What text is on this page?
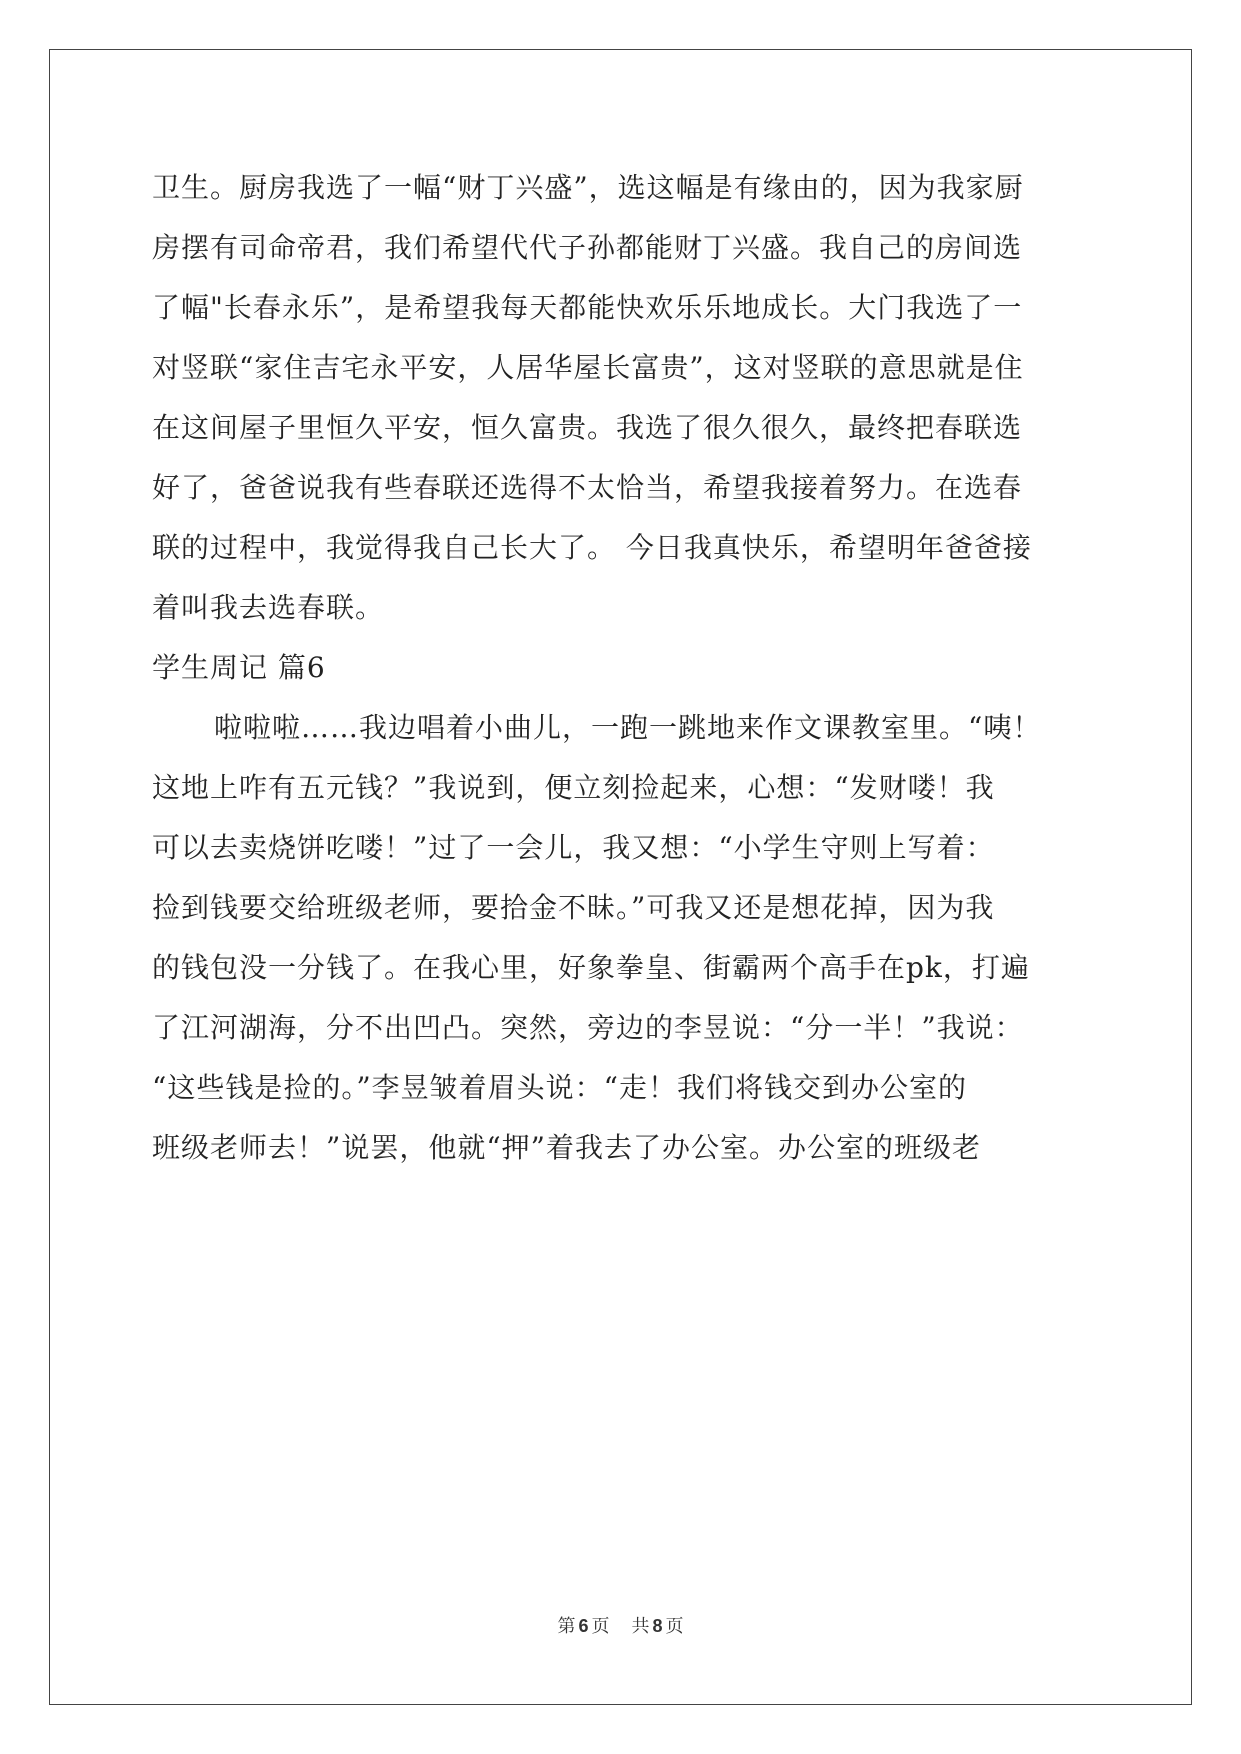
卫生。厨房我选了一幅“财丁兴盛”，选这幅是有缘由的，因为我家厨
房摆有司命帝君，我们希望代代子孙都能财丁兴盛。我自己的房间选
了幅"长春永乐”，是希望我每天都能快欢乐乐地成长。大门我选了一
对竖联“家住吉宅永平安，人居华屋长富贵”，这对竖联的意思就是住
在这间屋子里恒久平安，恒久富贵。我选了很久很久，最终把春联选
好了，爸爸说我有些春联还选得不太恰当，希望我接着努力。在选春
联的过程中，我觉得我自己长大了。 今日我真快乐，希望明年爸爸接
着叫我去选春联。
学生周记 篇6
啦啦啦……我边唱着小曲儿，一跑一跳地来作文课教室里。“咦！
这地上咋有五元钱？”我说到，便立刻捡起来，心想：“发财喽！我
可以去卖烧饼吃喽！”过了一会儿，我又想：“小学生守则上写着：
捡到钱要交给班级老师，要拾金不昧。”可我又还是想花掉，因为我
的钱包没一分钱了。在我心里，好象拳皇、街霸两个高手在pk，打遍
了江河湖海，分不出凹凸。突然，旁边的李昱说：“分一半！”我说：
“这些钱是捡的。”李昱皱着眉头说：“走！我们将钱交到办公室的
班级老师去！”说罢，他就“押”着我去了办公室。办公室的班级老
第 6 页 共 8 页
